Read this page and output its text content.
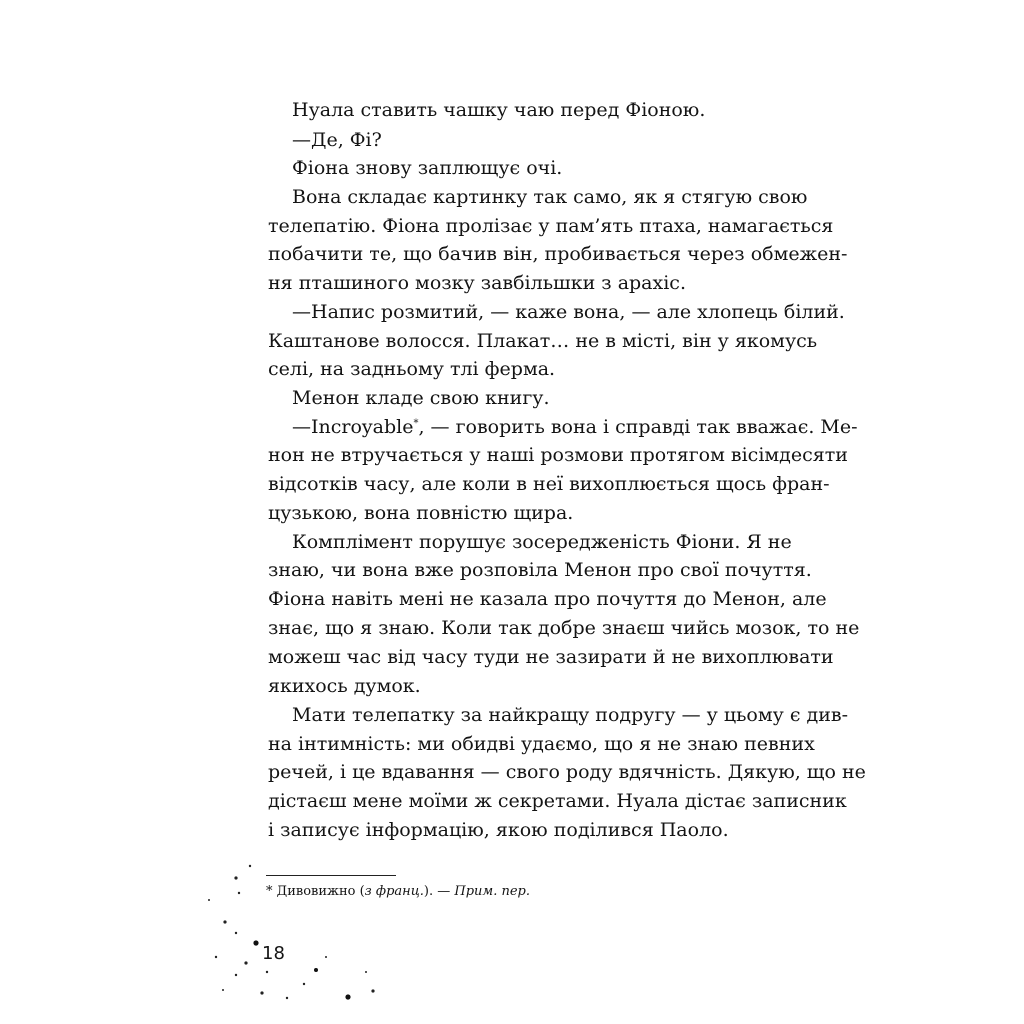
Нуала ставить чашку чаю перед Фіоною.
—Де, Фі?
Фіона знову заплющує очі.
Вона складає картинку так само, як я стягую свою
телепатію. Фіона пролізає у пам’ять птаха, намагається
побачити те, що бачив він, пробивається через обмежен-
ня пташиного мозку завбільшки з арахіс.
—Напис розмитий, — каже вона, — але хлопець білий.
Каштанове волосся. Плакат… не в місті, він у якомусь
селі, на задньому тлі ферма.
Менон кладе свою книгу.
—Incroyable*, — говорить вона і справді так вважає. Ме-
нон не втручається у наші розмови протягом вісімдесяти
відсотків часу, але коли в неї вихоплюється щось фран-
цузькою, вона повністю щира.
Комплімент порушує зосередженість Фіони. Я не
знаю, чи вона вже розповіла Менон про свої почуття.
Фіона навіть мені не казала про почуття до Менон, але
знає, що я знаю. Коли так добре знаєш чийсь мозок, то не
можеш час від часу туди не зазирати й не вихоплювати
якихось думок.
Мати телепатку за найкращу подругу — у цьому є див-
на інтимність: ми обидві удаємо, що я не знаю певних
речей, і це вдавання — свого роду вдячність. Дякую, що не
дістаєш мене моїми ж секретами. Нуала дістає записник
і записує інформацію, якою поділився Паоло.
* Дивовижно (з франц.). — Прим. пер.
18
